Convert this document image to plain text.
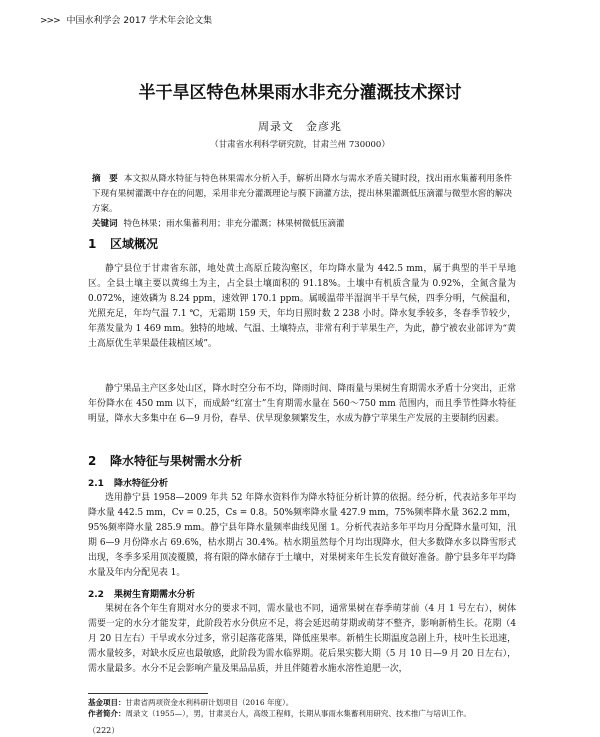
>>> 中国水利学会 2017 学术年会论文集
半干旱区特色林果雨水非充分灌溉技术探讨
周录文　金彦兆
（甘肃省水利科学研究院，甘肃兰州 730000）
摘　要 本文拟从降水特征与特色林果需水分析入手，解析出降水与需水矛盾关键时段，找出雨水集蓄利用条件下现有果树灌溉中存在的问题，采用非充分灌溉理论与膜下滴灌方法，提出林果灌溉低压滴灌与微型水窖的解决方案。
关键词 特色林果；雨水集蓄利用；非充分灌溉；林果树微低压滴灌
1 区域概况
静宁县位于甘肃省东部，地处黄土高原丘陵沟壑区，年均降水量为 442.5 mm，属于典型的半干旱地区。全县土壤主要以黄绵土为主，占全县土壤面积的 91.18%。土壤中有机质含量为 0.92%，全氮含量为 0.072%，速效磷为 8.24 ppm，速效钾 170.1 ppm。属暖温带半湿润半干旱气候，四季分明，气候温和，光照充足，年均气温 7.1 ℃，无霜期 159 天，年均日照时数 2 238 小时。降水复季较多，冬春季节较少，年蒸发量为 1 469 mm。独特的地域、气温、土壤特点，非常有利于苹果生产，为此，静宁被农业部评为“黄土高原优生苹果最佳栽植区域”。
静宁果品主产区多处山区，降水时空分布不均，降雨时间、降雨量与果树生育期需水矛盾十分突出，正常年份降水在 450 mm 以下，而成龄“红富士”生育期需水量在 560～750 mm 范围内，而且季节性降水特征明显，降水大多集中在 6—9 月份，春旱、伏旱现象频繁发生，水成为静宁苹果生产发展的主要制约因素。
2 降水特征与果树需水分析
2.1 降水特征分析
选用静宁县 1958—2009 年共 52 年降水资料作为降水特征分析计算的依据。经分析，代表站多年平均降水量 442.5 mm，Cv = 0.25，Cs = 0.8。50%频率降水量 427.9 mm，75%频率降水量 362.2 mm，95%频率降水量 285.9 mm。静宁县年降水量频率曲线见图 1。分析代表站多年平均月分配降水量可知，汛期 6—9 月份降水占 69.6%，枯水期占 30.4%。枯水期虽然每个月均出现降水，但大多数降水多以降雪形式出现，冬季多采用顶凌覆膜，将有限的降水储存于土壤中，对果树来年生长发育做好准备。静宁县多年平均降水量及年内分配见表 1。
2.2 果树生育期需水分析
果树在各个年生育期对水分的要求不同，需水量也不同，通常果树在春季萌芽前（4 月 1 号左右），树体需要一定的水分才能发芽，此阶段若水分供应不足，将会延迟萌芽期或萌芽不整齐，影响新梢生长。花期（4 月 20 日左右）干旱或水分过多，常引起落花落果，降低座果率。新梢生长期温度急剧上升，枝叶生长迅速，需水量较多，对缺水反应也最敏感，此阶段为需水临界期。花后果实膨大期（5 月 10 日—9 月 20 日左右），需水量最多。水分不足会影响产量及果品品质，并且伴随着水施水溶性追肥一次，
基金项目：甘肃省两项资金水利科研计划项目（2016 年度）。
作者简介：周录文（1955—），男，甘肃灵台人，高级工程师，长期从事雨水集蓄利用研究、技术推广与培训工作。
（222）
